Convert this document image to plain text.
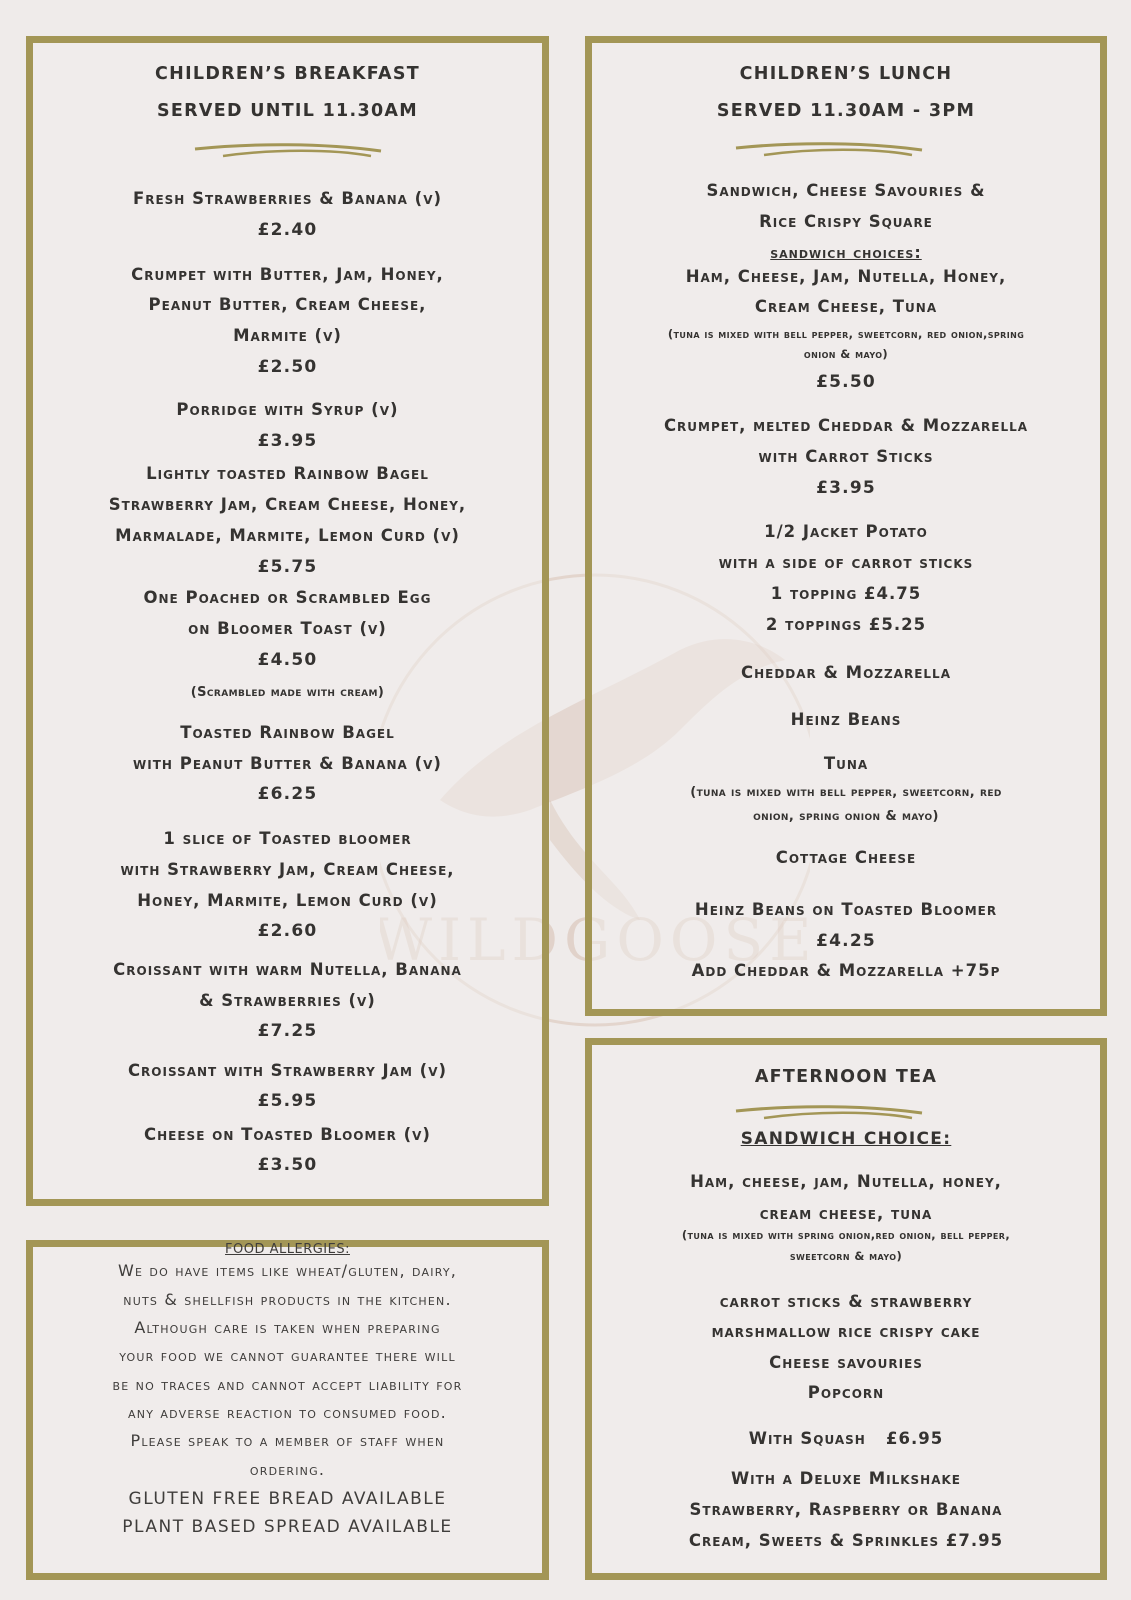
CHILDREN’S BREAKFAST

SERVED UNTIL 11.30AM

Fresh Strawberries & Banana (v)

£2.40

Crumpet with Butter, Jam, Honey,

Peanut Butter, Cream Cheese,

Marmite (v)

£2.50

Porridge with Syrup (v)

£3.95

Lightly toasted Rainbow Bagel

Strawberry Jam, Cream Cheese, Honey,

Marmalade, Marmite, Lemon Curd (v)

£5.75

One Poached or Scrambled Egg

on Bloomer Toast (v)

£4.50

(Scrambled made with cream)

Toasted Rainbow Bagel

with Peanut Butter & Banana (v)

£6.25

1 slice of Toasted bloomer

with Strawberry Jam, Cream Cheese,

Honey, Marmite, Lemon Curd (v)

£2.60

Croissant with warm Nutella, Banana

& Strawberries (v)

£7.25

Croissant with Strawberry Jam (v)

£5.95

Cheese on Toasted Bloomer (v)

£3.50

CHILDREN’S LUNCH

SERVED 11.30AM - 3PM

Sandwich, Cheese Savouries &

Rice Crispy Square

sandwich choices:

Ham, Cheese, Jam, Nutella, Honey,

Cream Cheese, Tuna

(tuna is mixed with bell pepper, sweetcorn, red onion,spring

onion & mayo)

£5.50

Crumpet, melted Cheddar & Mozzarella

with Carrot Sticks

£3.95

1/2 Jacket Potato

with a side of carrot sticks

1 topping £4.75

2 toppings £5.25

Cheddar & Mozzarella

Heinz Beans

Tuna

(tuna is mixed with bell pepper, sweetcorn, red

onion, spring onion & mayo)

Cottage Cheese

Heinz Beans on Toasted Bloomer

£4.25

Add Cheddar & Mozzarella +75p

FOOD ALLERGIES:

We do have items like wheat/gluten, dairy,

nuts & shellfish products in the kitchen.

Although care is taken when preparing

your food we cannot guarantee there will

be no traces and cannot accept liability for

any adverse reaction to consumed food.

Please speak to a member of staff when

ordering.

GLUTEN FREE BREAD AVAILABLE

PLANT BASED SPREAD AVAILABLE

AFTERNOON TEA

SANDWICH CHOICE:

Ham, cheese, jam, Nutella, honey,

cream cheese, tuna

(tuna is mixed with spring onion,red onion, bell pepper,

sweetcorn & mayo)

carrot sticks & strawberry

marshmallow rice crispy cake

Cheese savouries

Popcorn

With Squash   £6.95

With a Deluxe Milkshake

Strawberry, Raspberry or Banana

Cream, Sweets & Sprinkles £7.95
